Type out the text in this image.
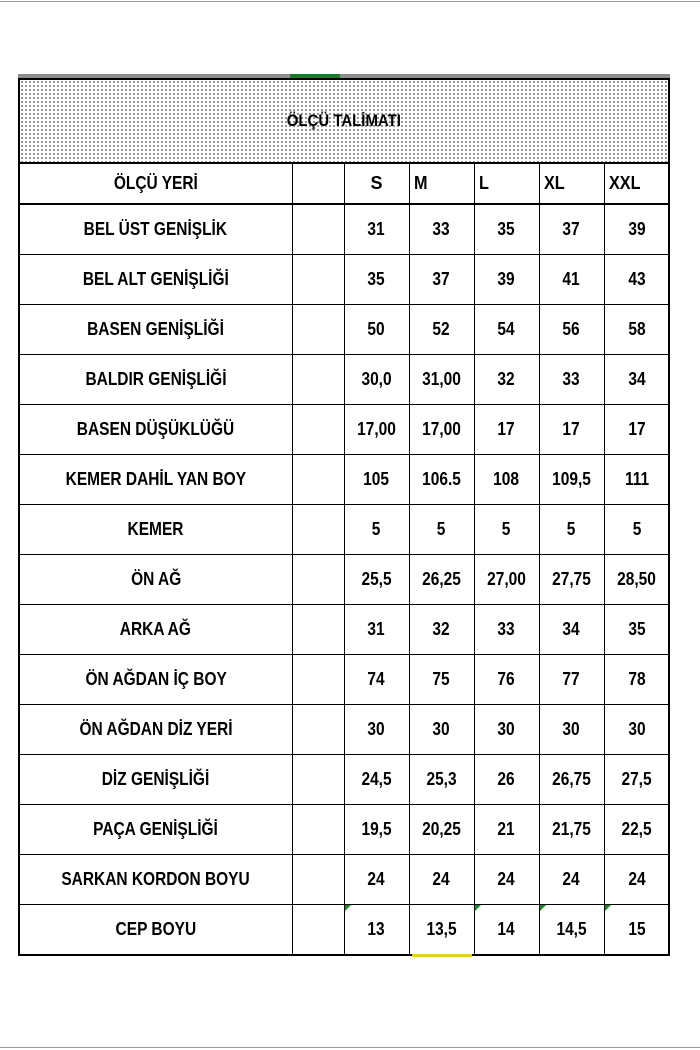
ÖLÇÜ TALİMATI
ÖLÇÜ YERİ		S	M	L	XL	XXL
BEL ÜST GENİŞLİK		31	33	35	37	39
BEL ALT GENİŞLİĞİ		35	37	39	41	43
BASEN GENİŞLİĞİ		50	52	54	56	58
BALDIR GENİŞLİĞİ		30,0	31,00	32	33	34
BASEN DÜŞÜKLÜĞÜ		17,00	17,00	17	17	17
KEMER DAHİL YAN BOY		105	106.5	108	109,5	111
KEMER		5	5	5	5	5
ÖN AĞ		25,5	26,25	27,00	27,75	28,50
ARKA AĞ		31	32	33	34	35
ÖN AĞDAN İÇ BOY		74	75	76	77	78
ÖN AĞDAN DİZ YERİ		30	30	30	30	30
DİZ GENİŞLİĞİ		24,5	25,3	26	26,75	27,5
PAÇA GENİŞLİĞİ		19,5	20,25	21	21,75	22,5
SARKAN KORDON BOYU		24	24	24	24	24
CEP BOYU		13	13,5	14	14,5	15
